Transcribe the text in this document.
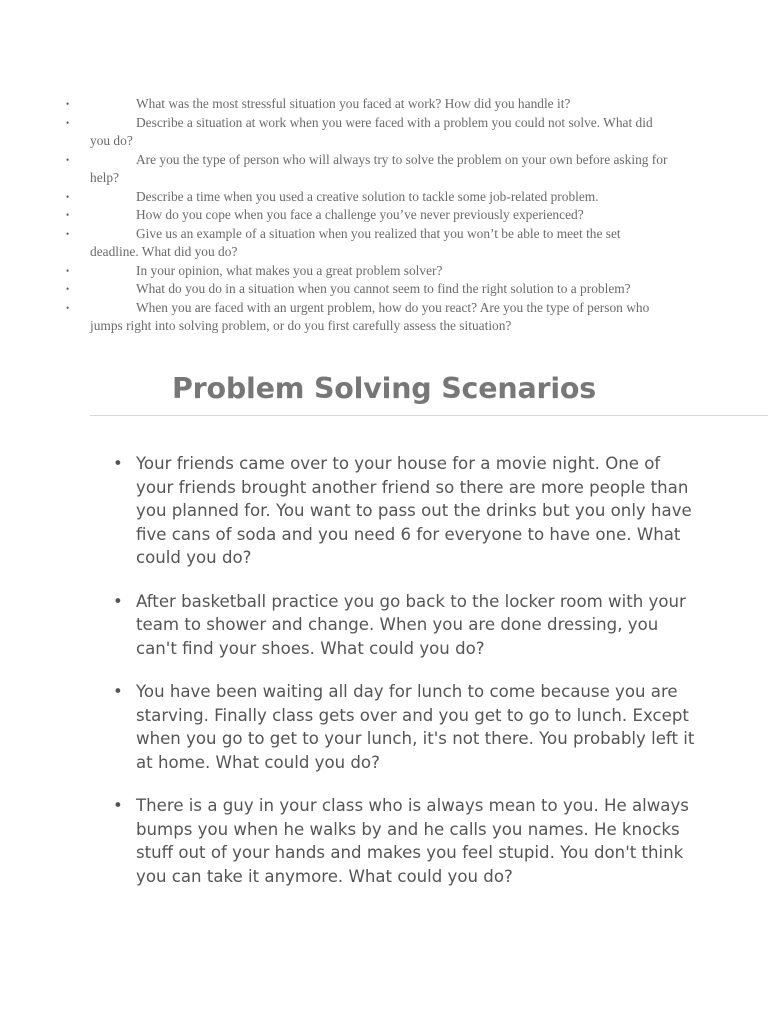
•	What was the most stressful situation you faced at work? How did you handle it?
•	Describe a situation at work when you were faced with a problem you could not solve. What did you do?
•	Are you the type of person who will always try to solve the problem on your own before asking for help?
•	Describe a time when you used a creative solution to tackle some job-related problem.
•	How do you cope when you face a challenge you’ve never previously experienced?
•	Give us an example of a situation when you realized that you won’t be able to meet the set deadline. What did you do?
•	In your opinion, what makes you a great problem solver?
•	What do you do in a situation when you cannot seem to find the right solution to a problem?
•	When you are faced with an urgent problem, how do you react? Are you the type of person who jumps right into solving problem, or do you first carefully assess the situation?
Problem Solving Scenarios
• Your friends came over to your house for a movie night. One of your friends brought another friend so there are more people than you planned for. You want to pass out the drinks but you only have five cans of soda and you need 6 for everyone to have one. What could you do?
• After basketball practice you go back to the locker room with your team to shower and change. When you are done dressing, you can't find your shoes. What could you do?
• You have been waiting all day for lunch to come because you are starving. Finally class gets over and you get to go to lunch. Except when you go to get to your lunch, it's not there. You probably left it at home. What could you do?
• There is a guy in your class who is always mean to you. He always bumps you when he walks by and he calls you names. He knocks stuff out of your hands and makes you feel stupid. You don't think you can take it anymore. What could you do?
